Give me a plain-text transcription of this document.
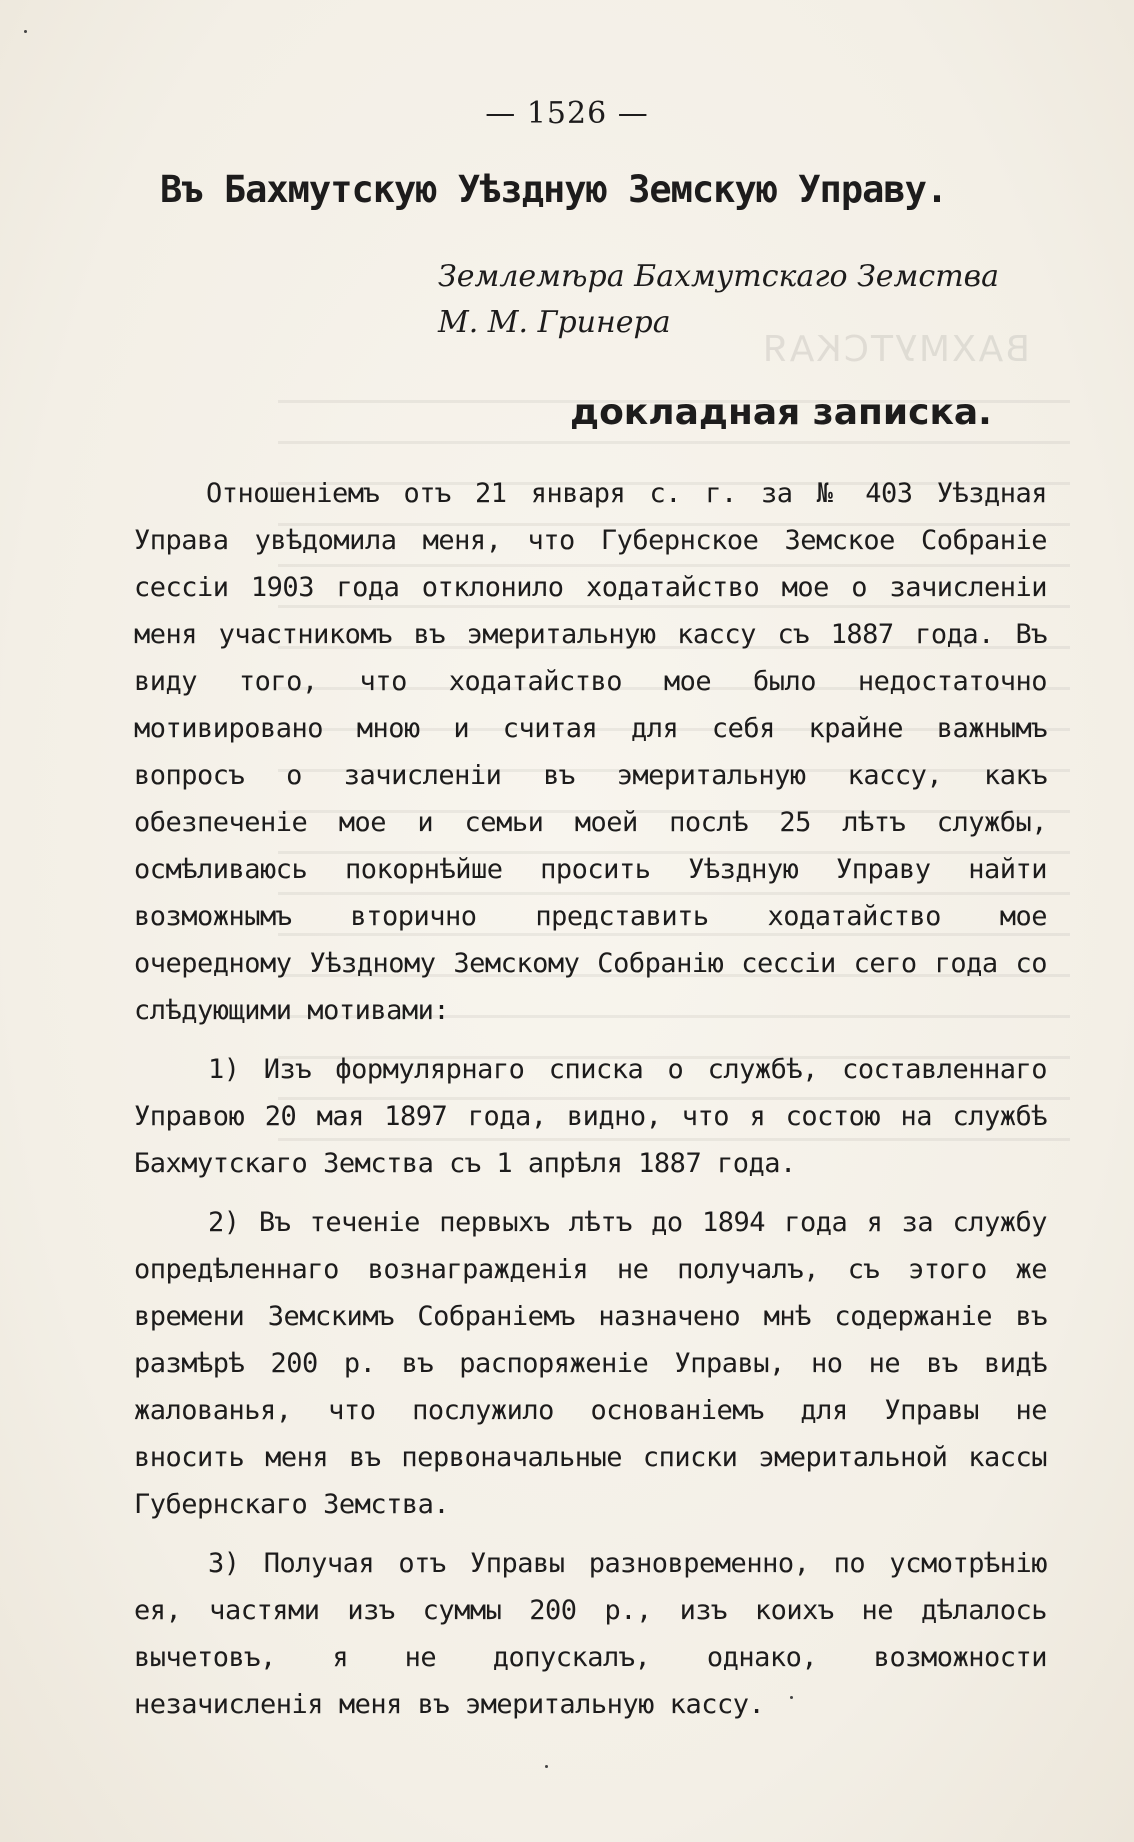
ВАХМУТСКАЯ
— 1526 —
Въ Бахмутскую Уѣздную Земскую Управу.
Землемѣра Бахмутскаго Земства М. М. Гринера
докладная записка.

Отношеніемъ отъ 21 января с. г. за № 403 Уѣздная Управа увѣдомила меня, что Губернское Земское Собраніе сессіи 1903 года отклонило ходатайство мое о зачисленіи меня участникомъ въ эмеритальную кассу съ 1887 года. Въ виду того, что ходатайство мое было недостаточно мотивировано мною и считая для себя крайне важнымъ вопросъ о зачисленіи въ эмеритальную кассу, какъ обезпеченіе мое и семьи моей послѣ 25 лѣтъ службы, осмѣливаюсь покорнѣйше просить Уѣздную Управу найти возможнымъ вторично представить ходатайство мое очередному Уѣздному Земскому Собранію сессіи сего года со слѣдующими мотивами:

1) Изъ формулярнаго списка о службѣ, составленнаго Управою 20 мая 1897 года, видно, что я состою на службѣ Бахмутскаго Земства съ 1 апрѣля 1887 года.

2) Въ теченіе первыхъ лѣтъ до 1894 года я за службу опредѣленнаго вознагражденія не получалъ, съ этого же времени Земскимъ Собраніемъ назначено мнѣ содержаніе въ размѣрѣ 200 р. въ распоряженіе Управы, но не въ видѣ жалованья, что послужило основаніемъ для Управы не вносить меня въ первоначальные списки эмеритальной кассы Губернскаго Земства.

3) Получая отъ Управы разновременно, по усмотрѣнію ея, частями изъ суммы 200 р., изъ коихъ не дѣлалось вычетовъ, я не допускалъ, однако, возможности незачисленія меня въ эмеритальную кассу.
